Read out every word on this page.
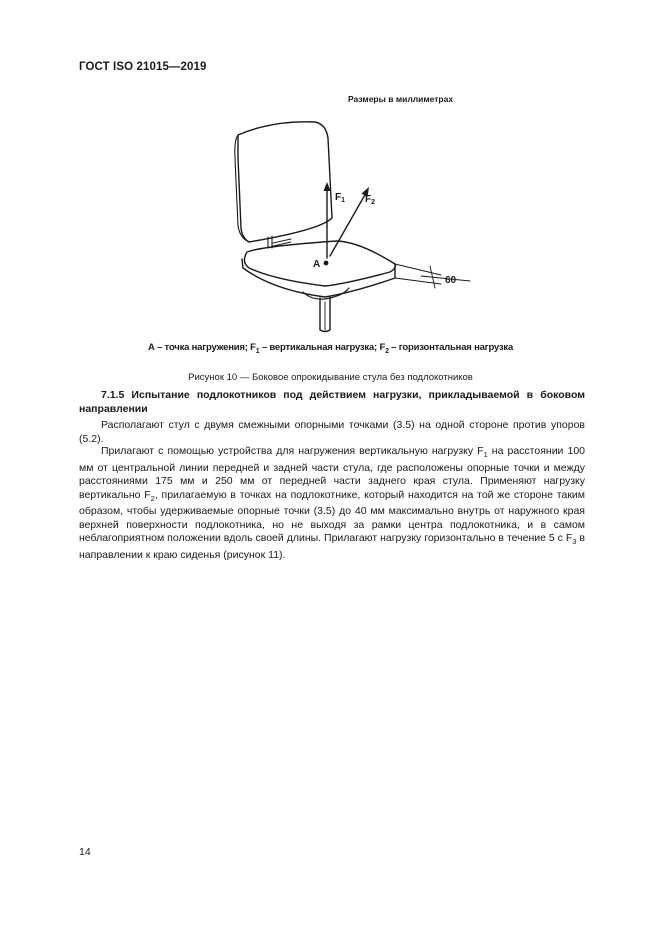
ГОСТ ISO 21015—2019
Размеры в миллиметрах
$F_1$ $F_2$
A
60
А – точка нагружения; $F_1$ – вертикальная нагрузка; $F_2$ – горизонтальная нагрузка
Рисунок 10 — Боковое опрокидывание стула без подлокотников
7.1.5 Испытание подлокотников под действием нагрузки, прикладываемой в боковом направлении
Располагают стул с двумя смежными опорными точками (3.5) на одной стороне против упоров (5.2).
Прилагают с помощью устройства для нагружения вертикальную нагрузку $F_1$ на расстоянии 100 мм от центральной линии передней и задней части стула, где расположены опорные точки и между расстояниями 175 мм и 250 мм от передней части заднего края стула. Применяют нагрузку вертикально $F_2$, прилагаемую в точках на подлокотнике, который находится на той же стороне таким образом, чтобы удерживаемые опорные точки (3.5) до 40 мм максимально внутрь от наружного края верхней поверхности подлокотника, но не выходя за рамки центра подлокотника, и в самом неблагоприятном положении вдоль своей длины. Прилагают нагрузку горизонтально в течение 5 с $F_3$ в направлении к краю сиденья (рисунок 11).
14
